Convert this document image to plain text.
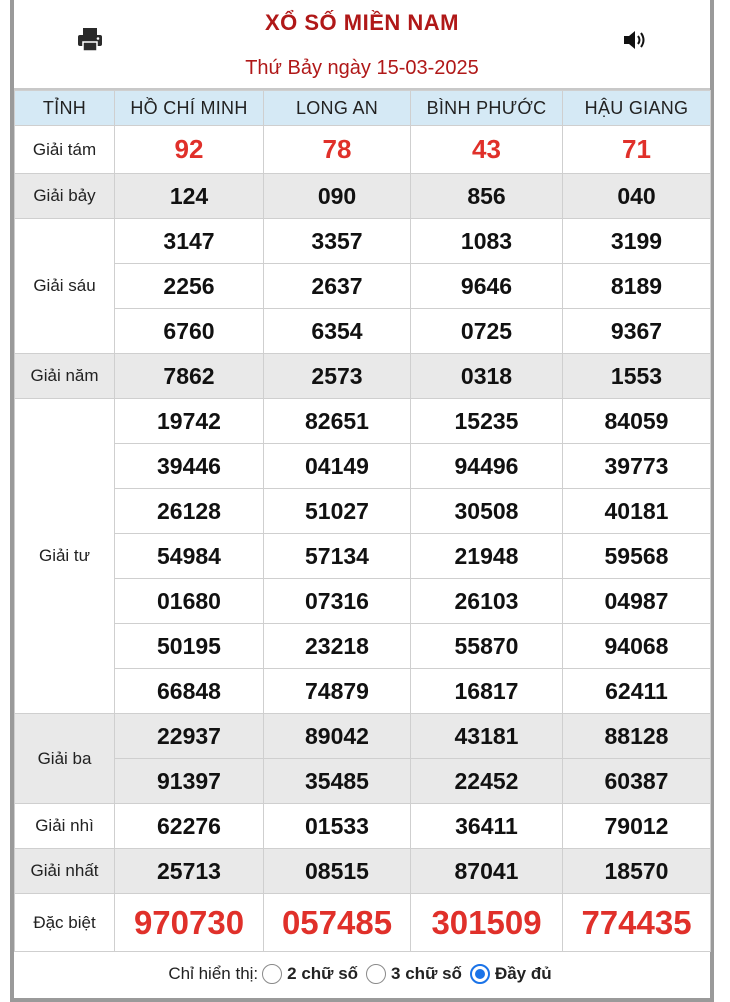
XỔ SỐ MIỀN NAM
Thứ Bảy ngày 15-03-2025
TỈNH	HỒ CHÍ MINH	LONG AN	BÌNH PHƯỚC	HẬU GIANG
Giải tám	92	78	43	71
Giải bảy	124	090	856	040
Giải sáu	3147	3357	1083	3199
	2256	2637	9646	8189
	6760	6354	0725	9367
Giải năm	7862	2573	0318	1553
Giải tư	19742	82651	15235	84059
	39446	04149	94496	39773
	26128	51027	30508	40181
	54984	57134	21948	59568
	01680	07316	26103	04987
	50195	23218	55870	94068
	66848	74879	16817	62411
Giải ba	22937	89042	43181	88128
	91397	35485	22452	60387
Giải nhì	62276	01533	36411	79012
Giải nhất	25713	08515	87041	18570
Đặc biệt	970730	057485	301509	774435
Chỉ hiển thị: 2 chữ số 3 chữ số Đầy đủ
